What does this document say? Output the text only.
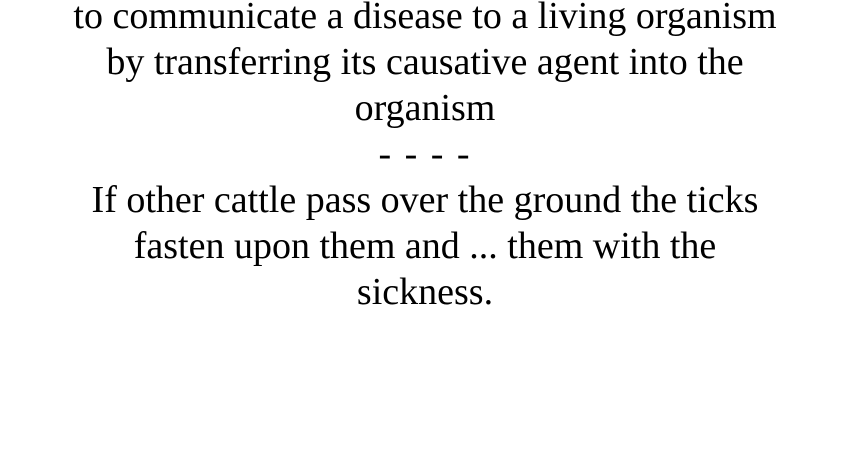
to communicate a disease to a living organism
by transferring its causative agent into the
organism
- - - -
If other cattle pass over the ground the ticks
fasten upon them and ... them with the
sickness.
